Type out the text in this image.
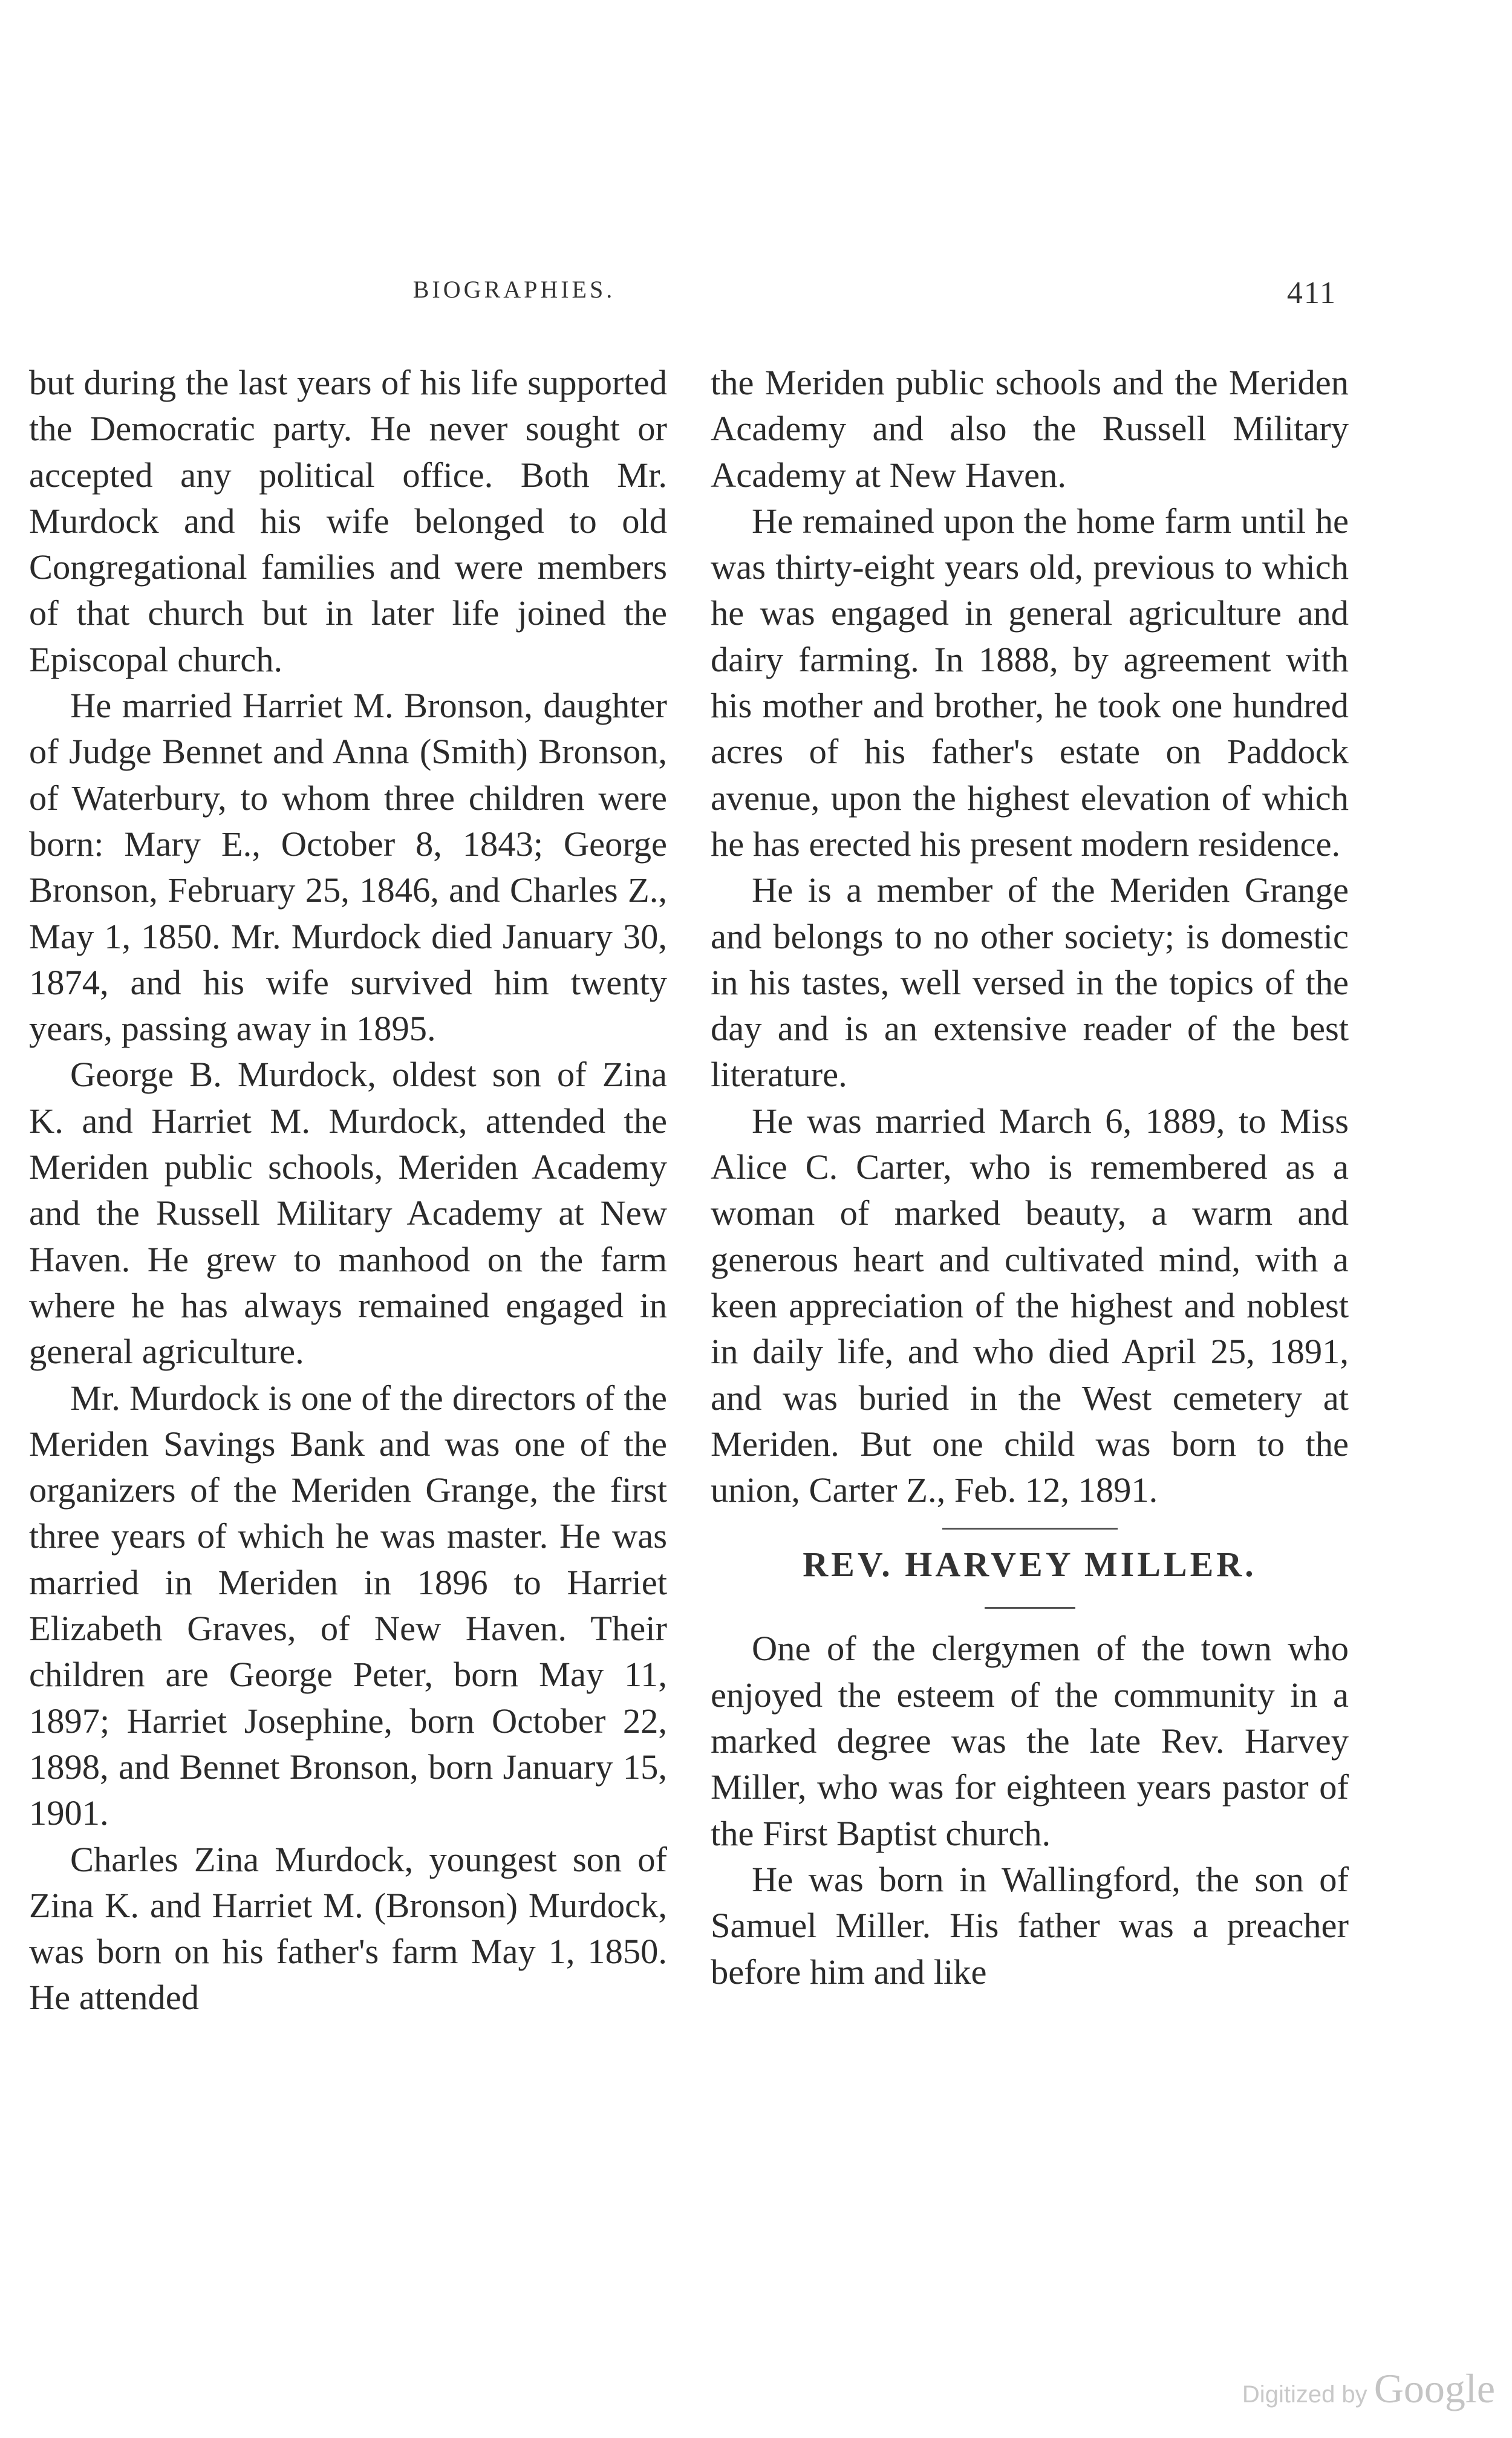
BIOGRAPHIES.	411

but during the last years of his life supported the Democratic party. He never sought or accepted any political office. Both Mr. Murdock and his wife belonged to old Congregational families and were members of that church but in later life joined the Episcopal church.

He married Harriet M. Bronson, daughter of Judge Bennet and Anna (Smith) Bronson, of Waterbury, to whom three children were born: Mary E., October 8, 1843; George Bronson, February 25, 1846, and Charles Z., May 1, 1850. Mr. Murdock died January 30, 1874, and his wife survived him twenty years, passing away in 1895.

George B. Murdock, oldest son of Zina K. and Harriet M. Murdock, attended the Meriden public schools, Meriden Academy and the Russell Military Academy at New Haven. He grew to manhood on the farm where he has always remained engaged in general agriculture.

Mr. Murdock is one of the directors of the Meriden Savings Bank and was one of the organizers of the Meriden Grange, the first three years of which he was master. He was married in Meriden in 1896 to Harriet Elizabeth Graves, of New Haven. Their children are George Peter, born May 11, 1897; Harriet Josephine, born October 22, 1898, and Bennet Bronson, born January 15, 1901.

Charles Zina Murdock, youngest son of Zina K. and Harriet M. (Bronson) Murdock, was born on his father's farm May 1, 1850. He attended

the Meriden public schools and the Meriden Academy and also the Russell Military Academy at New Haven.

He remained upon the home farm until he was thirty-eight years old, previous to which he was engaged in general agriculture and dairy farming. In 1888, by agreement with his mother and brother, he took one hundred acres of his father's estate on Paddock avenue, upon the highest elevation of which he has erected his present modern residence.

He is a member of the Meriden Grange and belongs to no other society; is domestic in his tastes, well versed in the topics of the day and is an extensive reader of the best literature.

He was married March 6, 1889, to Miss Alice C. Carter, who is remembered as a woman of marked beauty, a warm and generous heart and cultivated mind, with a keen appreciation of the highest and noblest in daily life, and who died April 25, 1891, and was buried in the West cemetery at Meriden. But one child was born to the union, Carter Z., Feb. 12, 1891.

REV. HARVEY MILLER.

One of the clergymen of the town who enjoyed the esteem of the community in a marked degree was the late Rev. Harvey Miller, who was for eighteen years pastor of the First Baptist church.

He was born in Wallingford, the son of Samuel Miller. His father was a preacher before him and like

Digitized by Google
